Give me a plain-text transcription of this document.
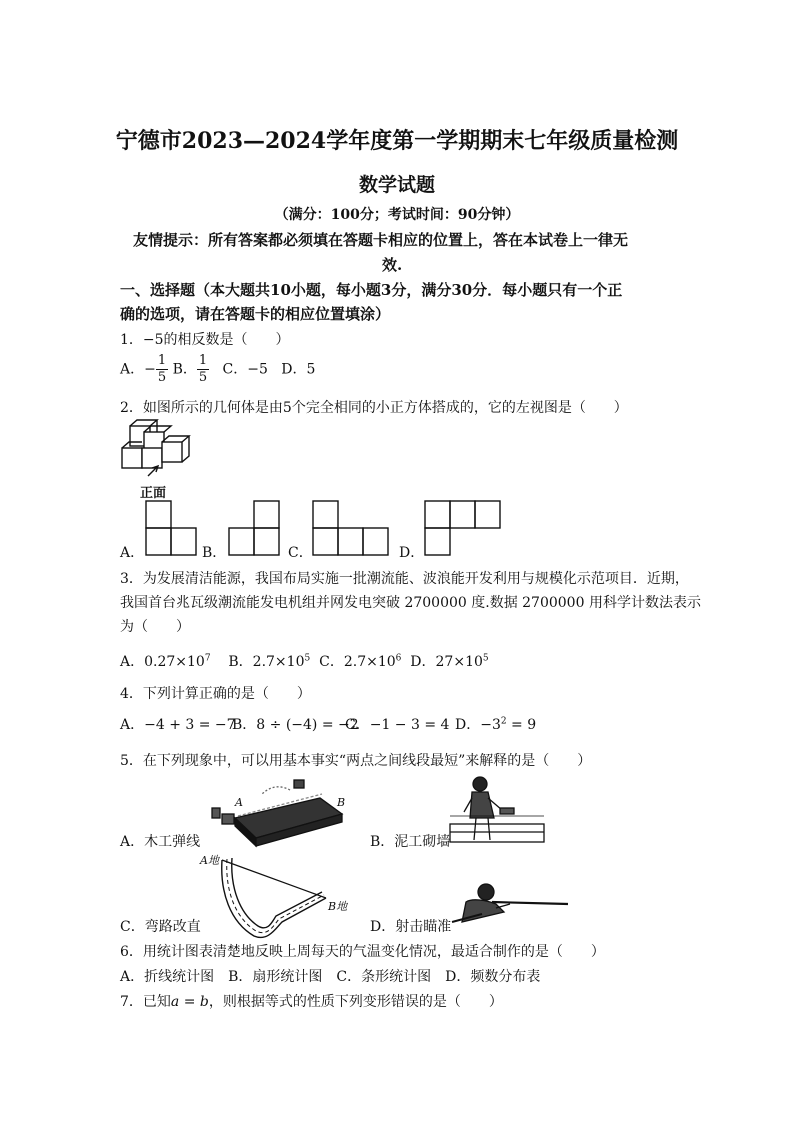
宁德市2023—2024学年度第一学期期末七年级质量检测
数学试题
（满分：100分；考试时间：90分钟）
友情提示：所有答案都必须填在答题卡相应的位置上，答在本试卷上一律无
效.
一、选择题（本大题共10小题，每小题3分，满分30分．每小题只有一个正
确的选项，请在答题卡的相应位置填涂）
1．−5的相反数是（　　）
A．− $\frac{1}{5}$ B． $\frac{1}{5}$ C．−5 D．5
2．如图所示的几何体是由5个完全相同的小正方体搭成的，它的左视图是（　　）
正面
A．	B．	C．	D．
3．为发展清洁能源，我国布局实施一批潮流能、波浪能开发利用与规模化示范项目．近期，
我国首台兆瓦级潮流能发电机组并网发电突破 2700000 度.数据 2700000 用科学计数法表示
为（　　）
A．$0.27\times 10^7$ B．$2.7\times 10^5$ C．$2.7\times 10^6$ D．$27\times 10^5$
4．下列计算正确的是（　　）
A．−4 + 3 = −7
B．8 ÷ (−4) = −2
C．−1 − 3 = 4 D．$-3^2 = 9$
5．在下列现象中，可以用基本事实“两点之间线段最短”来解释的是（　　）
A	B
A．木工弹线	B．泥工砌墙
A地
B地
C．弯路改直	D．射击瞄准
6．用统计图表清楚地反映上周每天的气温变化情况，最适合制作的是（　　）
A．折线统计图　B．扇形统计图　C．条形统计图　D．频数分布表
7．已知a = b，则根据等式的性质下列变形错误的是（　　）
